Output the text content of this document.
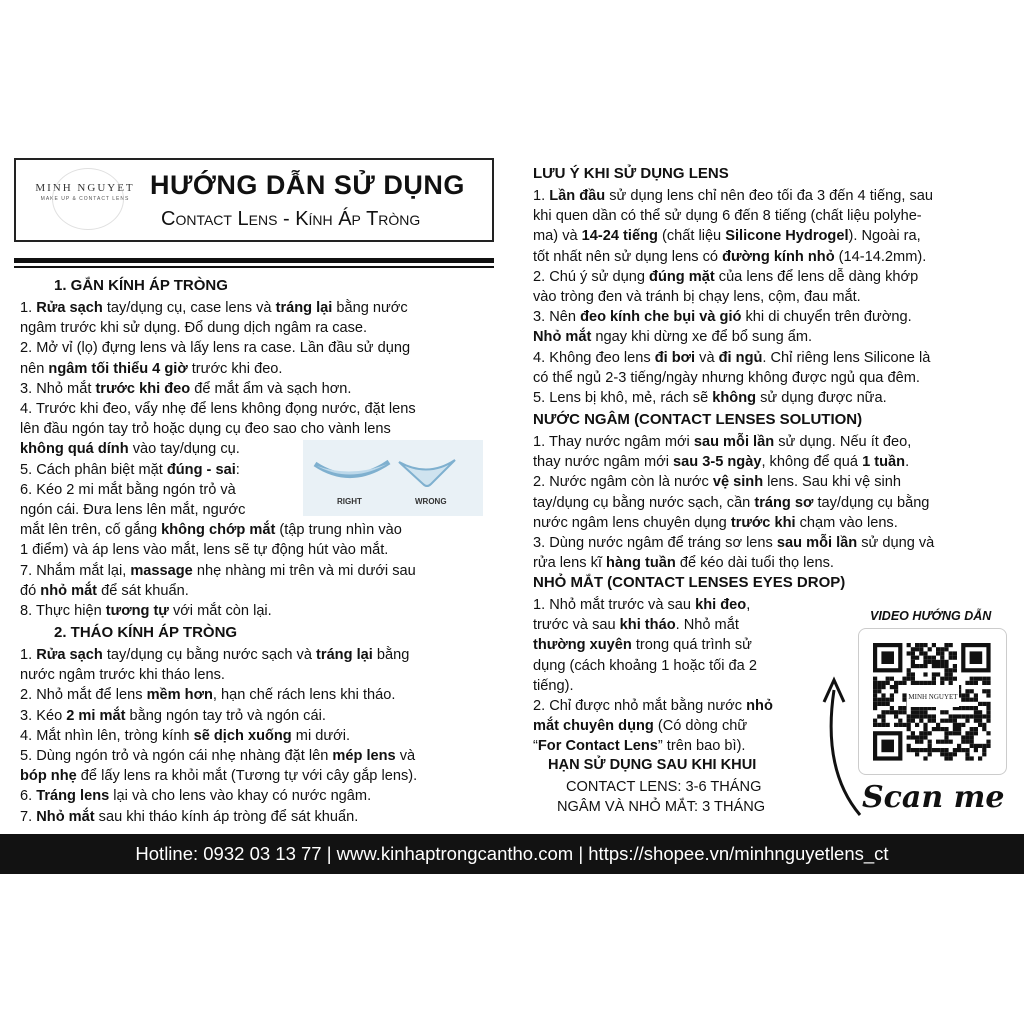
MINH NGUYET
MAKE UP & CONTACT LENS HƯỚNG DẪN SỬ DỤNG
Contact Lens - Kính Áp Tròng
1. GẮN KÍNH ÁP TRÒNG
1. Rửa sạch tay/dụng cụ, case lens và tráng lại bằng nước
ngâm trước khi sử dụng. Đổ dung dịch ngâm ra case.
2. Mở vỉ (lọ) đựng lens và lấy lens ra case. Lần đầu sử dụng
nên ngâm tối thiểu 4 giờ trước khi đeo.
3. Nhỏ mắt trước khi đeo để mắt ẩm và sạch hơn.
4. Trước khi đeo, vẩy nhẹ để lens không đọng nước, đặt lens
lên đầu ngón tay trỏ hoặc dụng cụ đeo sao cho vành lens
không quá dính vào tay/dụng cụ.
5. Cách phân biệt mặt đúng - sai:
6. Kéo 2 mi mắt bằng ngón trỏ và
ngón cái. Đưa lens lên mắt, ngước
mắt lên trên, cố gắng không chớp mắt (tập trung nhìn vào
1 điểm) và áp lens vào mắt, lens sẽ tự động hút vào mắt.
7. Nhắm mắt lại, massage nhẹ nhàng mi trên và mi dưới sau
đó nhỏ mắt để sát khuẩn.
8. Thực hiện tương tự với mắt còn lại.
RIGHT	WRONG
2. THÁO KÍNH ÁP TRÒNG
1. Rửa sạch tay/dụng cụ bằng nước sạch và tráng lại bằng
nước ngâm trước khi tháo lens.
2. Nhỏ mắt để lens mềm hơn, hạn chế rách lens khi tháo.
3. Kéo 2 mi mắt bằng ngón tay trỏ và ngón cái.
4. Mắt nhìn lên, tròng kính sẽ dịch xuống mi dưới.
5. Dùng ngón trỏ và ngón cái nhẹ nhàng đặt lên mép lens và
bóp nhẹ để lấy lens ra khỏi mắt (Tương tự với cây gắp lens).
6. Tráng lens lại và cho lens vào khay có nước ngâm.
7. Nhỏ mắt sau khi tháo kính áp tròng để sát khuẩn.
LƯU Ý KHI SỬ DỤNG LENS
1. Lần đầu sử dụng lens chỉ nên đeo tối đa 3 đến 4 tiếng, sau
khi quen dần có thể sử dụng 6 đến 8 tiếng (chất liệu polyhe-
ma) và 14-24 tiếng (chất liệu Silicone Hydrogel). Ngoài ra,
tốt nhất nên sử dụng lens có đường kính nhỏ (14-14.2mm).
2. Chú ý sử dụng đúng mặt của lens để lens dễ dàng khớp
vào tròng đen và tránh bị chạy lens, cộm, đau mắt.
3. Nên đeo kính che bụi và gió khi di chuyển trên đường.
Nhỏ mắt ngay khi dừng xe để bổ sung ẩm.
4. Không đeo lens đi bơi và đi ngủ. Chỉ riêng lens Silicone là
có thể ngủ 2-3 tiếng/ngày nhưng không được ngủ qua đêm.
5. Lens bị khô, mẻ, rách sẽ không sử dụng được nữa.
NƯỚC NGÂM (CONTACT LENSES SOLUTION)
1. Thay nước ngâm mới sau mỗi lần sử dụng. Nếu ít đeo,
thay nước ngâm mới sau 3-5 ngày, không để quá 1 tuần.
2. Nước ngâm còn là nước vệ sinh lens. Sau khi vệ sinh
tay/dụng cụ bằng nước sạch, cần tráng sơ tay/dụng cụ bằng
nước ngâm lens chuyên dụng trước khi chạm vào lens.
3. Dùng nước ngâm để tráng sơ lens sau mỗi lần sử dụng và
rửa lens kĩ hàng tuần để kéo dài tuổi thọ lens.
NHỎ MẮT (CONTACT LENSES EYES DROP)
1. Nhỏ mắt trước và sau khi đeo,
trước và sau khi tháo. Nhỏ mắt
thường xuyên trong quá trình sử
dụng (cách khoảng 1 hoặc tối đa 2
tiếng).
2. Chỉ được nhỏ mắt bằng nước nhỏ
mắt chuyên dụng (Có dòng chữ
“For Contact Lens” trên bao bì).
HẠN SỬ DỤNG SAU KHI KHUI
CONTACT LENS: 3-6 THÁNG
NGÂM VÀ NHỎ MẮT: 3 THÁNG
VIDEO HƯỚNG DẪN
MINH NGUYET
Scan me
Hotline: 0932 03 13 77 | www.kinhaptrongcantho.com | https://shopee.vn/minhnguyetlens_ct
